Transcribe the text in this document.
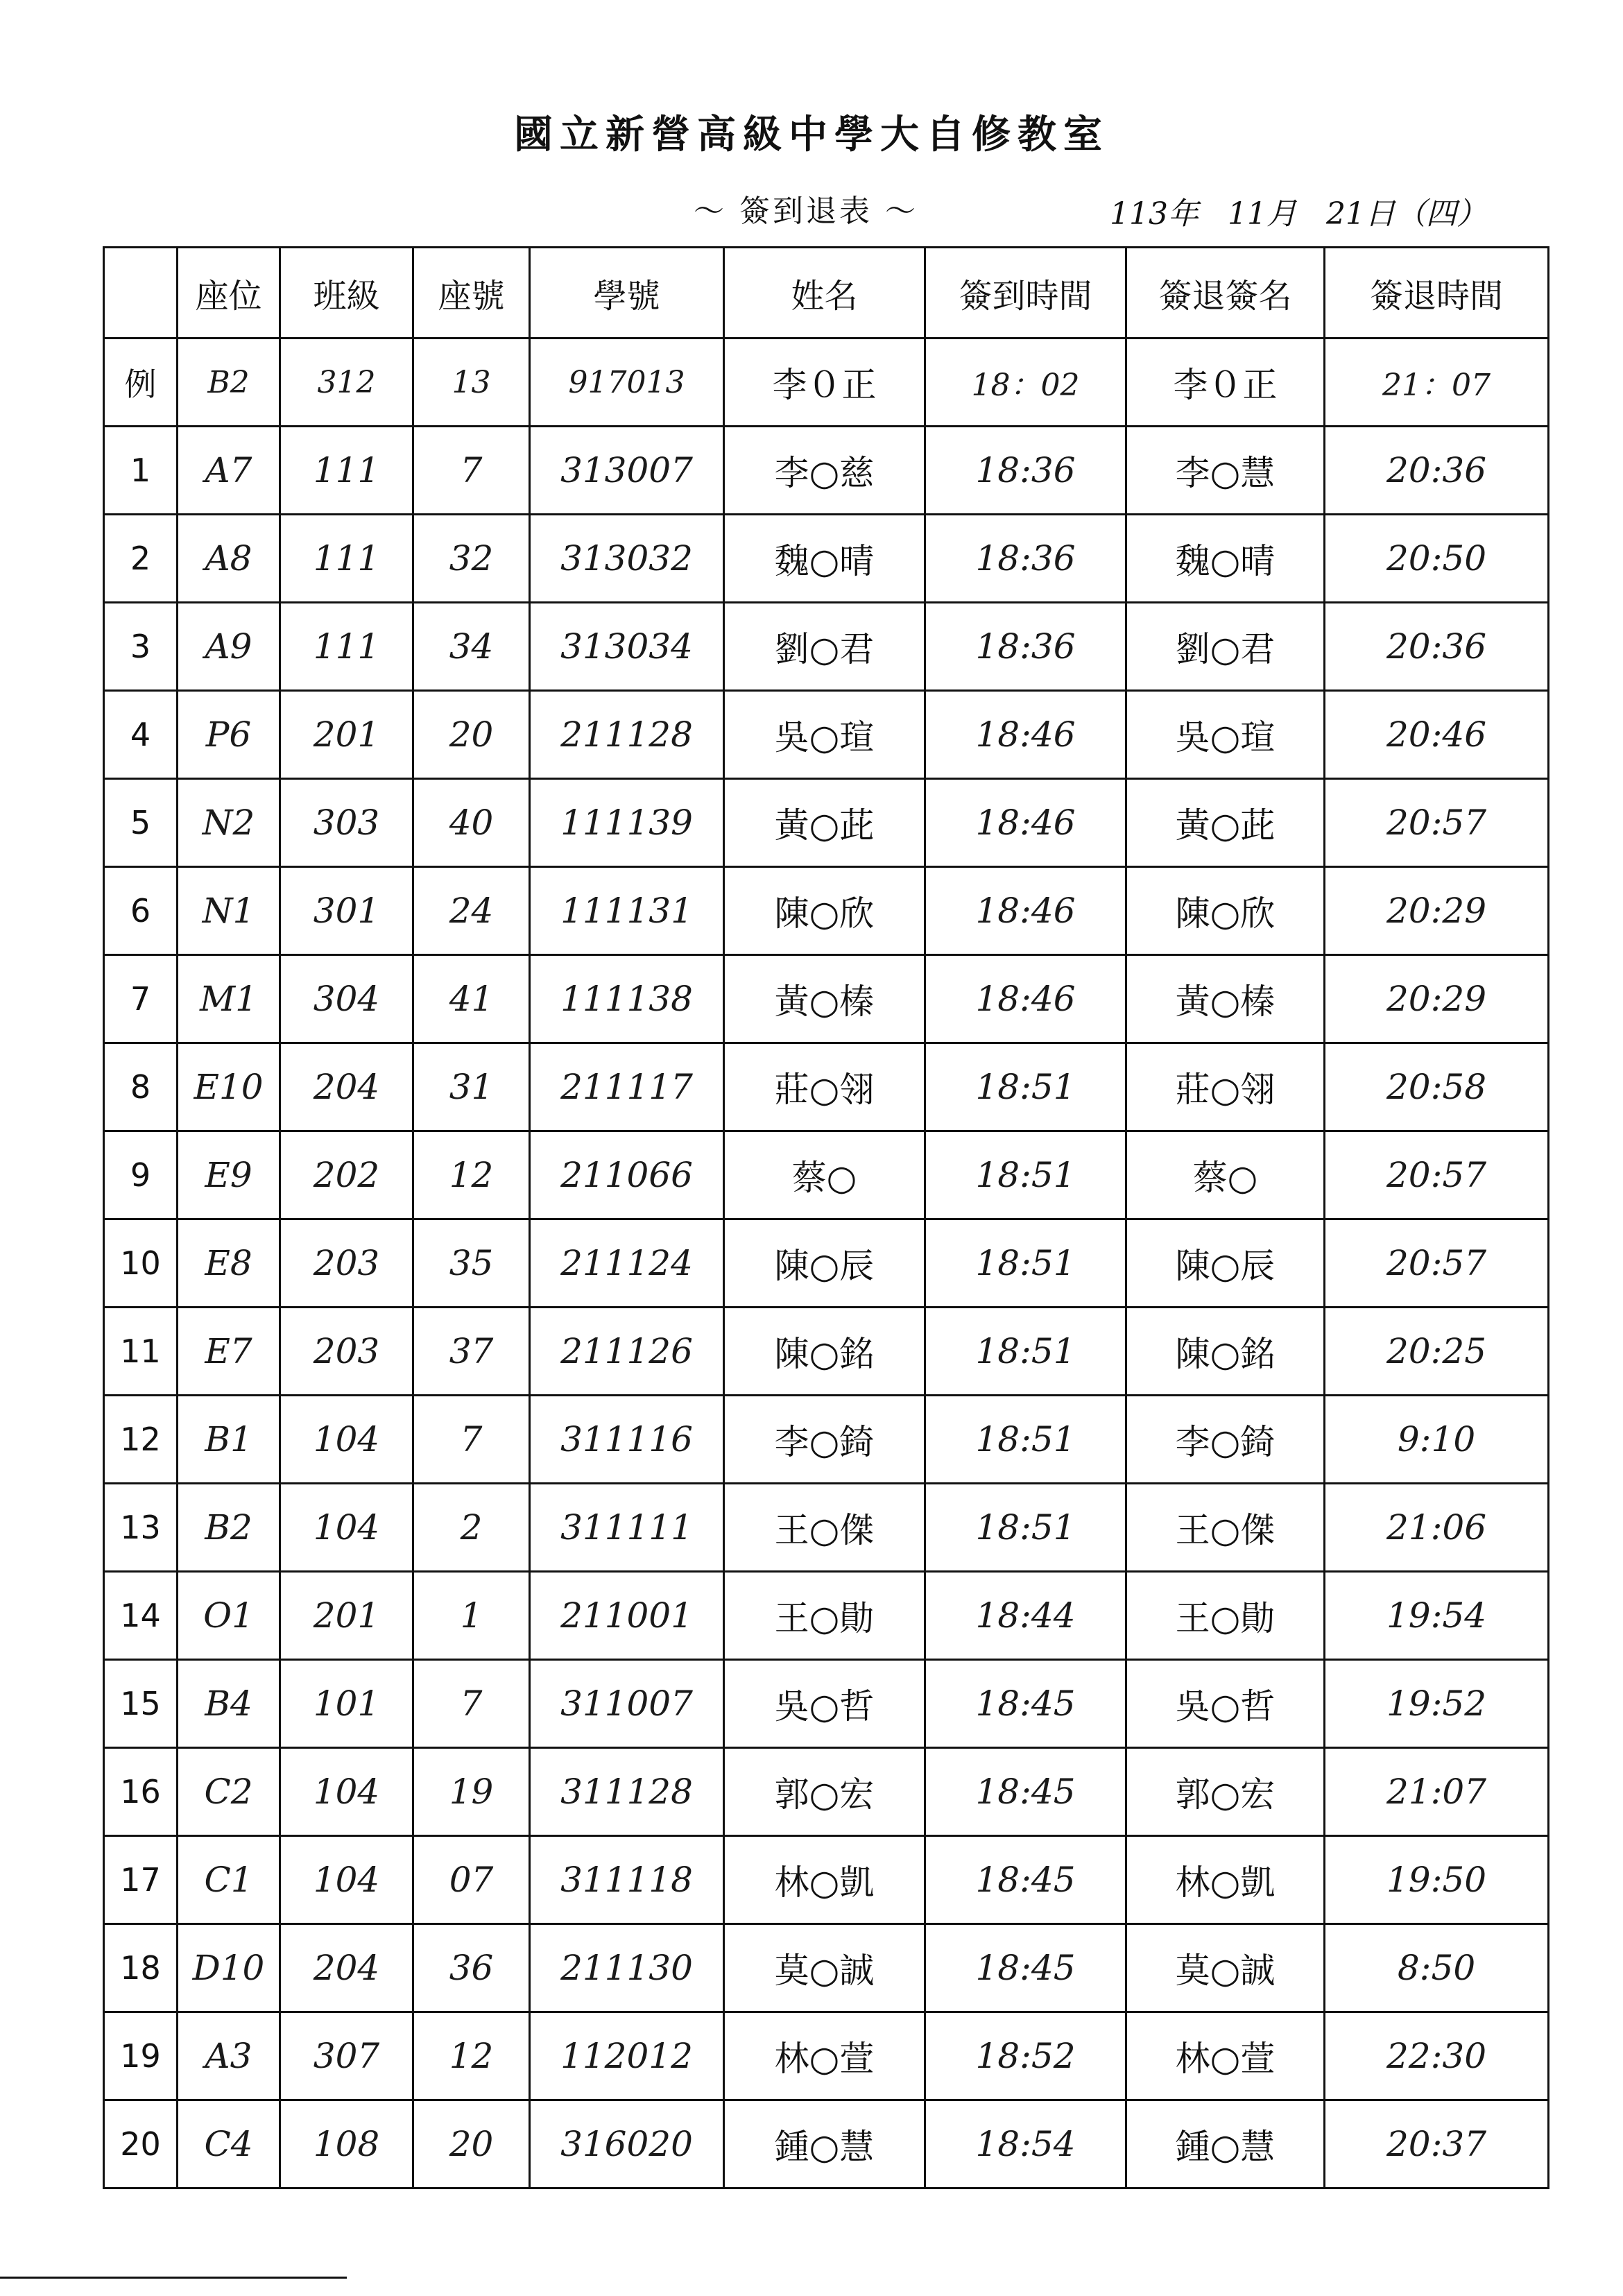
國立新營高級中學大自修教室
～ 簽到退表 ～	113年 11月 21日（四）
	座位	班級	座號	學號	姓名	簽到時間	簽退簽名	簽退時間
例	B2	312	13	917013	李０正	18：02	李０正	21：07
1	A7	111	7	313007	李○慈	18:36	李○慧	20:36
2	A8	111	32	313032	魏○晴	18:36	魏○晴	20:50
3	A9	111	34	313034	劉○君	18:36	劉○君	20:36
4	P6	201	20	211128	吳○瑄	18:46	吳○瑄	20:46
5	N2	303	40	111139	黃○茈	18:46	黃○茈	20:57
6	N1	301	24	111131	陳○欣	18:46	陳○欣	20:29
7	M1	304	41	111138	黃○榛	18:46	黃○榛	20:29
8	E10	204	31	211117	莊○翎	18:51	莊○翎	20:58
9	E9	202	12	211066	蔡○	18:51	蔡○	20:57
10	E8	203	35	211124	陳○辰	18:51	陳○辰	20:57
11	E7	203	37	211126	陳○銘	18:51	陳○銘	20:25
12	B1	104	7	311116	李○錡	18:51	李○錡	9:10
13	B2	104	2	311111	王○傑	18:51	王○傑	21:06
14	O1	201	1	211001	王○勛	18:44	王○勛	19:54
15	B4	101	7	311007	吳○哲	18:45	吳○哲	19:52
16	C2	104	19	311128	郭○宏	18:45	郭○宏	21:07
17	C1	104	07	311118	林○凱	18:45	林○凱	19:50
18	D10	204	36	211130	莫○誠	18:45	莫○誠	8:50
19	A3	307	12	112012	林○萱	18:52	林○萱	22:30
20	C4	108	20	316020	鍾○慧	18:54	鍾○慧	20:37
